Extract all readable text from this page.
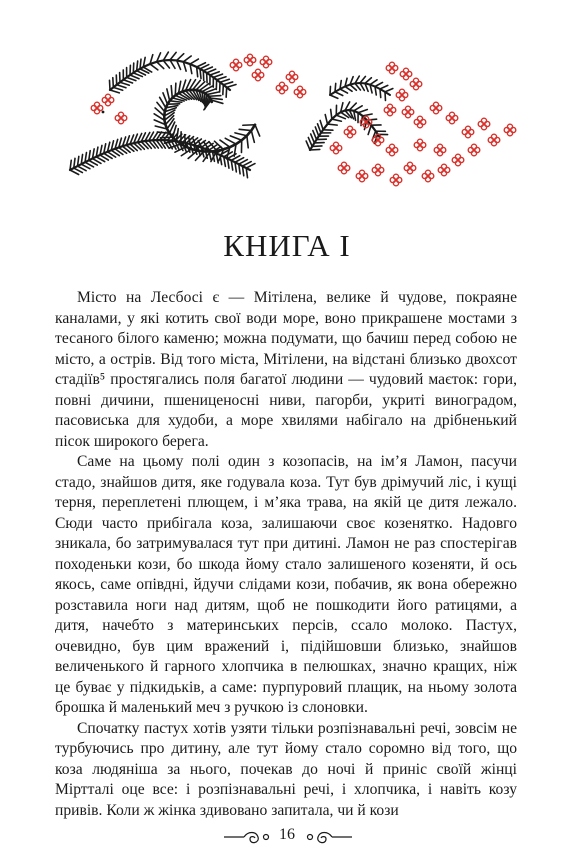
КНИГА І

Місто на Лесбосі є — Мітілена, велике й чудове, покраяне каналами, у які котить свої води море, воно прикрашене мостами з тесаного білого каменю; можна подумати, що бачиш перед собою не місто, а острів. Від того міста, Мітілени, на відстані близько двохсот стадіїв⁵ простягались поля багатої людини — чудовий маєток: гори, повні дичини, пшениценосні ниви, пагорби, укриті виноградом, пасовиська для худоби, а море хвилями набігало на дрібненький пісок широкого берега.

Саме на цьому полі один з козопасів, на ім’я Ламон, пасучи стадо, знайшов дитя, яке годувала коза. Тут був дрімучий ліс, і кущі терня, переплетені плющем, і м’яка трава, на якій це дитя лежало. Сюди часто прибігала коза, залишаючи своє козенятко. Надовго зникала, бо затримувалася тут при дитині. Ламон не раз спостерігав походеньки кози, бо шкода йому стало залишеного козеняти, й ось якось, саме опівдні, йдучи слідами кози, побачив, як вона обережно розставила ноги над дитям, щоб не пошкодити його ратицями, а дитя, начебто з материнських персів, ссало молоко. Пастух, очевидно, був цим вражений і, підійшовши близько, знайшов величенького й гарного хлопчика в пелюшках, значно кращих, ніж це буває у підкидьків, а саме: пурпуровий плащик, на ньому золота брошка й маленький меч з ручкою із слоновки.

Спочатку пастух хотів узяти тільки розпізнавальні речі, зовсім не турбуючись про дитину, але тут йому стало соромно від того, що коза людяніша за нього, почекав до ночі й приніс своїй жінці Міртталі оце все: і розпізнавальні речі, і хлопчика, і навіть козу привів. Коли ж жінка здивовано запитала, чи й кози

16
